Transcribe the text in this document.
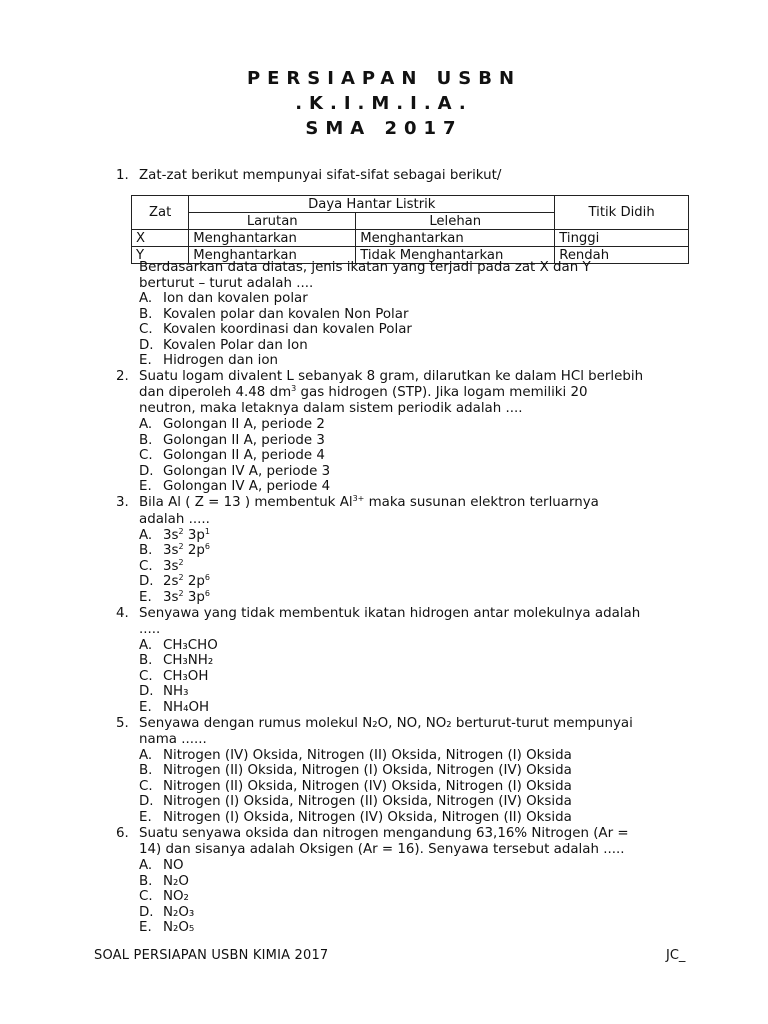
PERSIAPAN USBN
.K.I.M.I.A.
SMA 2017
1. Zat-zat berikut mempunyai sifat-sifat sebagai berikut/
Zat	Daya Hantar Listrik		Titik Didih
	Larutan	Lelehan	
X	Menghantarkan	Menghantarkan	Tinggi
Y	Menghantarkan	Tidak Menghantarkan	Rendah
Berdasarkan data diatas, jenis ikatan yang terjadi pada zat X dan Y
berturut – turut adalah ....
A. Ion dan kovalen polar
B. Kovalen polar dan kovalen Non Polar
C. Kovalen koordinasi dan kovalen Polar
D. Kovalen Polar dan Ion
E. Hidrogen dan ion
2. Suatu logam divalent L sebanyak 8 gram, dilarutkan ke dalam HCl berlebih
dan diperoleh 4.48 $dm^3$ gas hidrogen (STP). Jika logam memiliki 20
neutron, maka letaknya dalam sistem periodik adalah ....
A. Golongan II A, periode 2
B. Golongan II A, periode 3
C. Golongan II A, periode 4
D. Golongan IV A, periode 3
E. Golongan IV A, periode 4
3. Bila Al ( Z = 13 ) membentuk $Al^{3+}$ maka susunan elektron terluarnya
adalah .....
A. $3s^2$ $3p^1$
B. $3s^2$ $2p^6$
C. $3s^2$
D. $2s^2$ $2p^6$
E. $3s^2$ $3p^6$
4. Senyawa yang tidak membentuk ikatan hidrogen antar molekulnya adalah
.....
A. CH₃CHO
B. CH₃NH₂
C. CH₃OH
D. NH₃
E. NH₄OH
5. Senyawa dengan rumus molekul N₂O, NO, NO₂ berturut-turut mempunyai
nama ......
A. Nitrogen (IV) Oksida, Nitrogen (II) Oksida, Nitrogen (I) Oksida
B. Nitrogen (II) Oksida, Nitrogen (I) Oksida, Nitrogen (IV) Oksida
C. Nitrogen (II) Oksida, Nitrogen (IV) Oksida, Nitrogen (I) Oksida
D. Nitrogen (I) Oksida, Nitrogen (II) Oksida, Nitrogen (IV) Oksida
E. Nitrogen (I) Oksida, Nitrogen (IV) Oksida, Nitrogen (II) Oksida
6. Suatu senyawa oksida dan nitrogen mengandung 63,16% Nitrogen (Ar =
14) dan sisanya adalah Oksigen (Ar = 16). Senyawa tersebut adalah .....
A. NO
B. N₂O
C. NO₂
D. N₂O₃
E. N₂O₅
SOAL PERSIAPAN USBN KIMIA 2017	JC_
